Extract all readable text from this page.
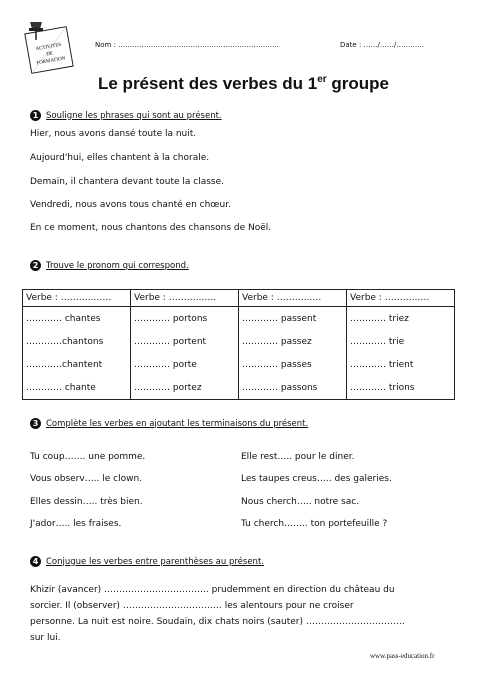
ACTIVITES
DE
FORMATION
Nom : ……………………………………………………………	Date : ……/……/…………
Le présent des verbes du 1er groupe
1 Souligne les phrases qui sont au présent.
Hier, nous avons dansé toute la nuit.
Aujourd'hui, elles chantent à la chorale.
Demain, il chantera devant toute la classe.
Vendredi, nous avons tous chanté en chœur.
En ce moment, nous chantons des chansons de Noël.
2 Trouve le pronom qui correspond.
Verbe : ………..……	Verbe : ………..…..	Verbe : ………..….	Verbe : ………..….
………… chantes	………… portons	………… passent	………… triez
…………chantons	………… portent	………… passez	………… trie
…………chantent	………… porte	………… passes	………… trient
………… chante	………… portez	………… passons	………… trions
3 Complète les verbes en ajoutant les terminaisons du présent.
Tu coup……. une pomme.
Vous observ….. le clown.
Elles dessin….. très bien.
J'ador….. les fraises.
Elle rest….. pour le diner.
Les taupes creus….. des galeries.
Nous cherch….. notre sac.
Tu cherch…….. ton portefeuille ?
4 Conjugue les verbes entre parenthèses au présent.
Khizir (avancer) …………………………….. prudemment en direction du château du
sorcier. Il (observer) …………………………… les alentours pour ne croiser
personne. La nuit est noire. Soudain, dix chats noirs (sauter) ……………………………
sur lui.
www.pass-education.fr
